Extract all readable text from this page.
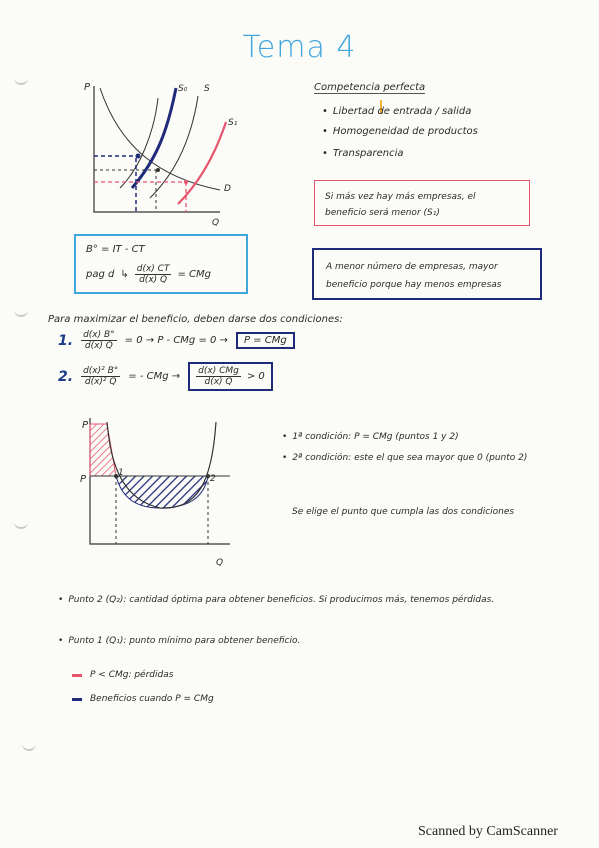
Tema 4
P
Q
S₀ S
S₁
D
B° = IT - CT
pag d ↳ $\frac{d(x) CT}{d(x) Q}$ = CMg
Competencia perfecta
• Libertad de entrada / salida
• Homogeneidad de productos
• Transparencia
Si más vez hay más empresas, el beneficio será menor (S₁)
A menor número de empresas, mayor beneficio porque hay menos empresas
Para maximizar el beneficio, deben darse dos condiciones:
1. $\frac{d(x) B^\circ}{d(x) Q} = 0 \to P$ - CMg = 0 →	P = CMg
2. $\frac{\text{d(x)² B°}}{\text{d(x)² Q}}$ = - CMg → $\frac{\text{d(x) CMg}}{d(x) Q} > 0$
P
P
Q
1
2
• 1ª condición: P = CMg (puntos 1 y 2)
• 2ª condición: este el que sea mayor que 0 (punto 2)
Se elige el punto que cumpla las dos condiciones
• Punto 2 (Q₂): cantidad óptima para obtener beneficios. Si producimos más, tenemos pérdidas.
• Punto 1 (Q₁): punto mínimo para obtener beneficio.
P < CMg: pérdidas
Beneficios cuando P = CMg
Scanned by CamScanner
